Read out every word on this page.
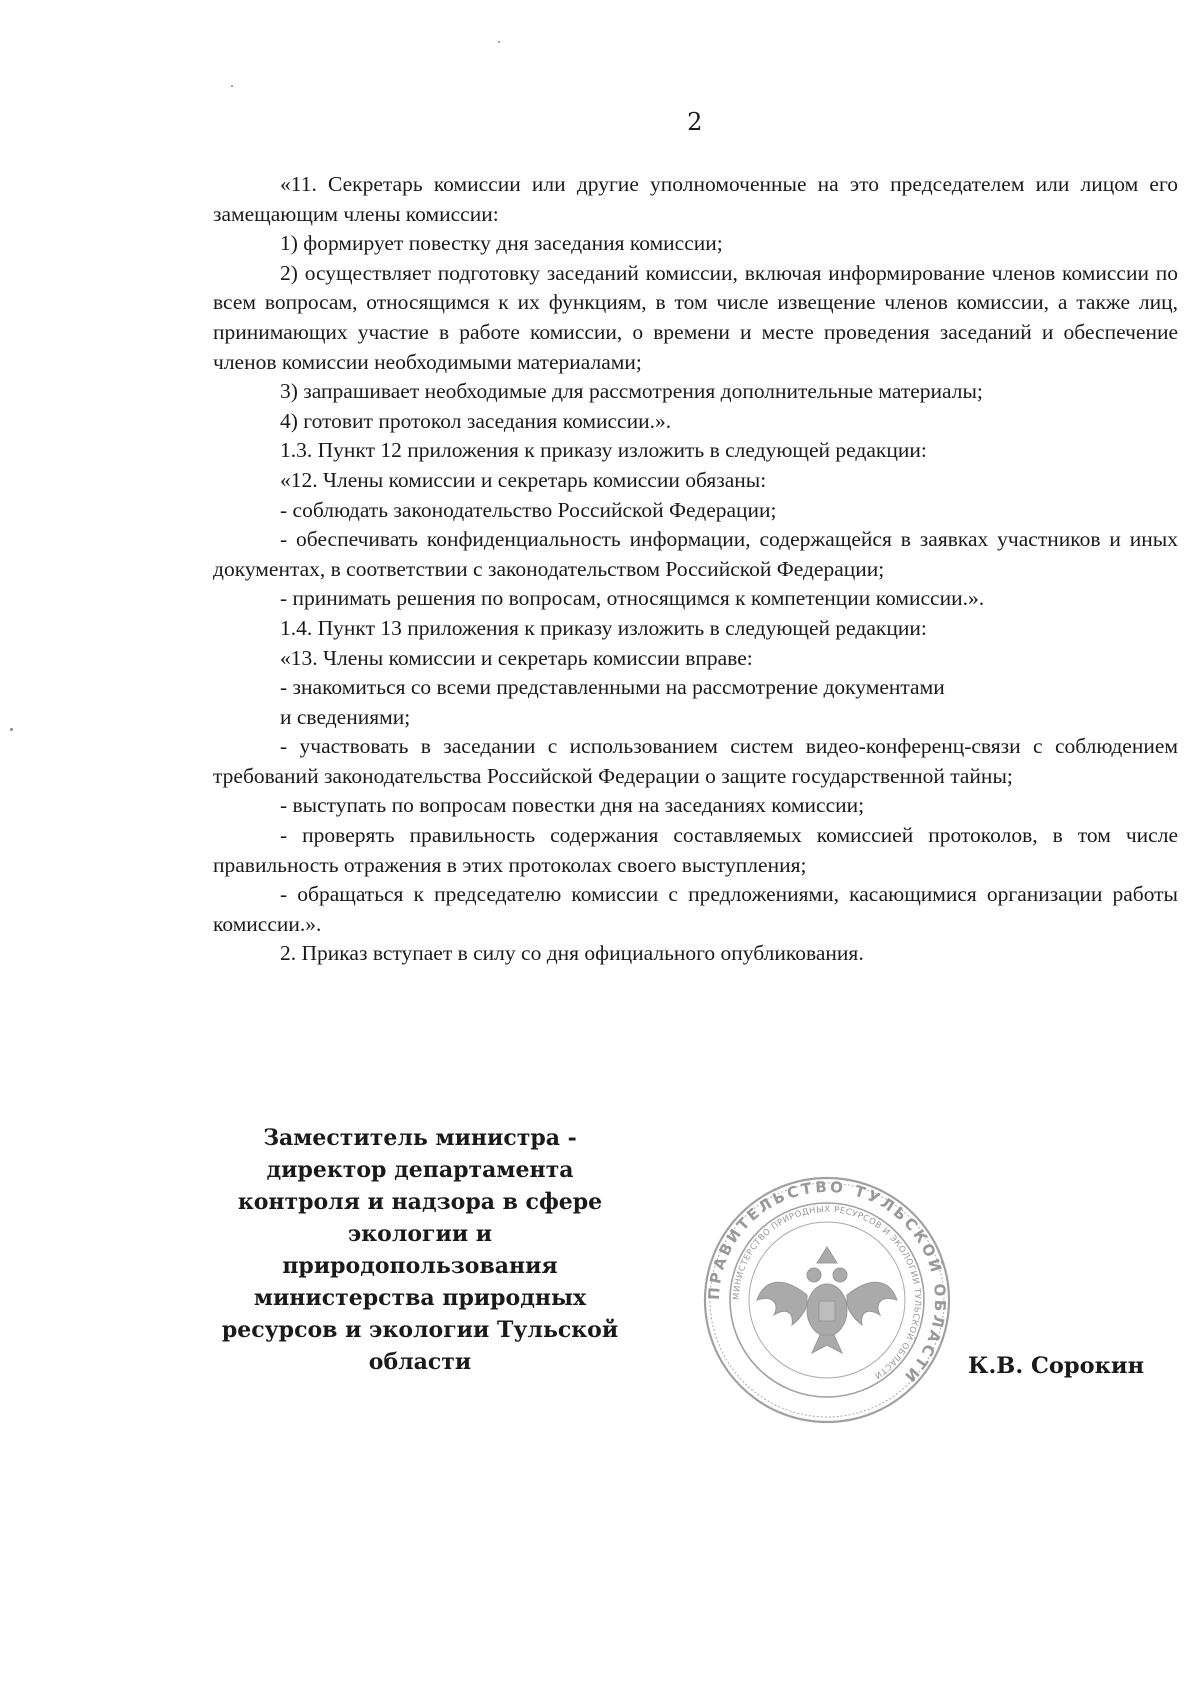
2

«11. Секретарь комиссии или другие уполномоченные на это председателем или лицом его замещающим члены комиссии:

1) формирует повестку дня заседания комиссии;

2) осуществляет подготовку заседаний комиссии, включая информирование членов комиссии по всем вопросам, относящимся к их функциям, в том числе извещение членов комиссии, а также лиц, принимающих участие в работе комиссии, о времени и месте проведения заседаний и обеспечение членов комиссии необходимыми материалами;

3) запрашивает необходимые для рассмотрения дополнительные материалы;

4) готовит протокол заседания комиссии.».

1.3. Пункт 12 приложения к приказу изложить в следующей редакции:

«12. Члены комиссии и секретарь комиссии обязаны:

- соблюдать законодательство Российской Федерации;

- обеспечивать конфиденциальность информации, содержащейся в заявках участников и иных документах, в соответствии с законодательством Российской Федерации;

- принимать решения по вопросам, относящимся к компетенции комиссии.».

1.4. Пункт 13 приложения к приказу изложить в следующей редакции:

«13. Члены комиссии и секретарь комиссии вправе:

- знакомиться со всеми представленными на рассмотрение документами

и сведениями;

- участвовать в заседании с использованием систем видео-конференц-связи с соблюдением требований законодательства Российской Федерации о защите государственной тайны;

- выступать по вопросам повестки дня на заседаниях комиссии;

- проверять правильность содержания составляемых комиссией протоколов, в том числе правильность отражения в этих протоколах своего выступления;

- обращаться к председателю комиссии с предложениями, касающимися организации работы комиссии.».

2. Приказ вступает в силу со дня официального опубликования.

Заместитель министра -
директор департамента
контроля и надзора в сфере
экологии и
природопользования
министерства природных
ресурсов и экологии Тульской
области
ПРАВИТЕЛЬСТВО ТУЛЬСКОЙ ОБЛАСТИ
МИНИСТЕРСТВО ПРИРОДНЫХ РЕСУРСОВ И ЭКОЛОГИИ ТУЛЬСКОЙ ОБЛАСТИ	К.В. Сорокин
